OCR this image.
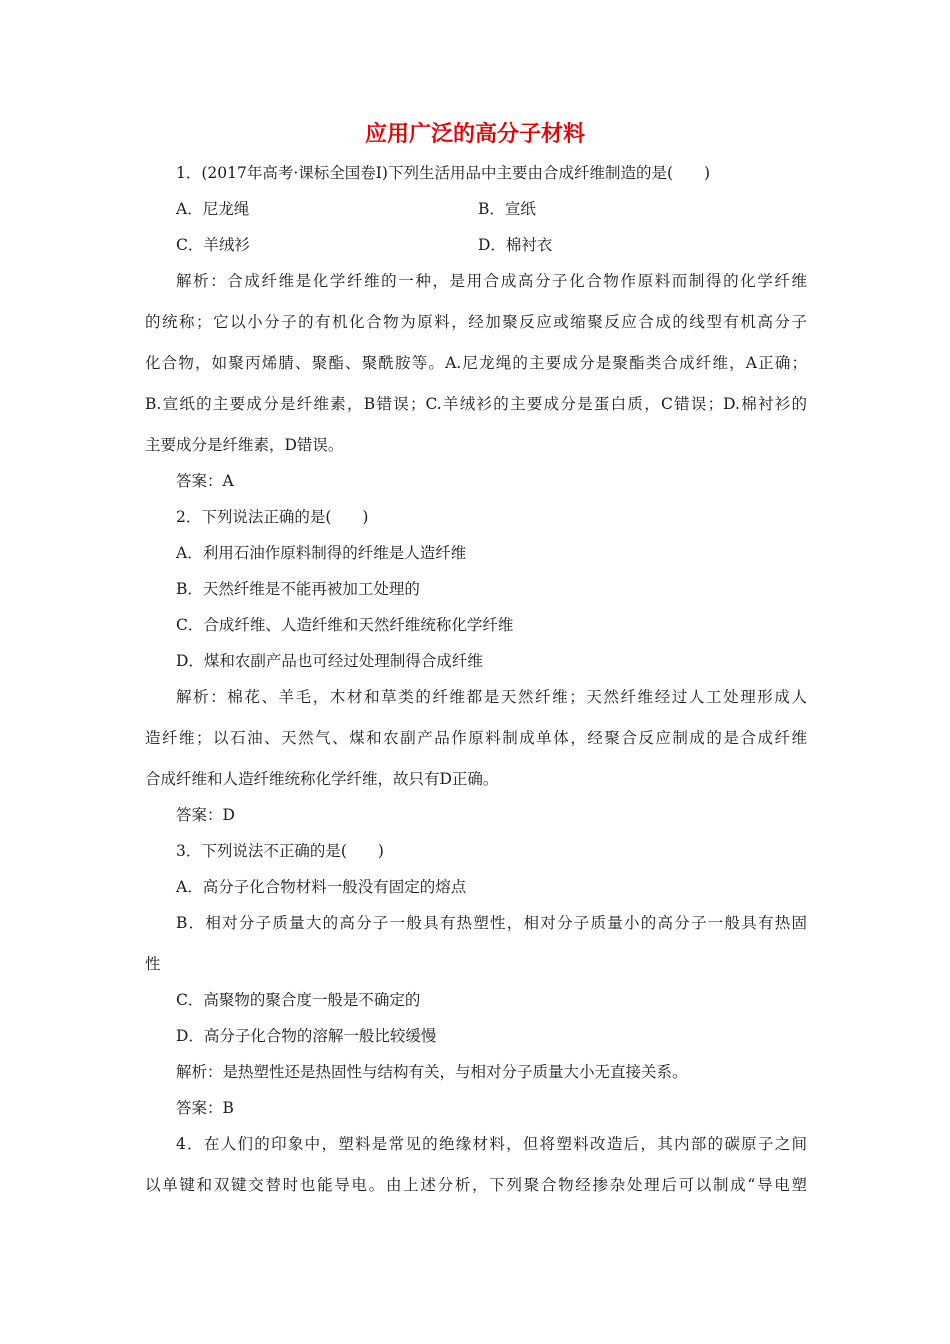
应用广泛的高分子材料
1．(2017年高考·课标全国卷Ⅰ)下列生活用品中主要由合成纤维制造的是(　　)
A．尼龙绳	B．宣纸
C．羊绒衫	D．棉衬衣
解析：合成纤维是化学纤维的一种，是用合成高分子化合物作原料而制得的化学纤维
的统称；它以小分子的有机化合物为原料，经加聚反应或缩聚反应合成的线型有机高分子
化合物，如聚丙烯腈、聚酯、聚酰胺等。A.尼龙绳的主要成分是聚酯类合成纤维，A正确；
B.宣纸的主要成分是纤维素，B错误；C.羊绒衫的主要成分是蛋白质，C错误；D.棉衬衫的
主要成分是纤维素，D错误。
答案：A
2．下列说法正确的是(　　)
A．利用石油作原料制得的纤维是人造纤维
B．天然纤维是不能再被加工处理的
C．合成纤维、人造纤维和天然纤维统称化学纤维
D．煤和农副产品也可经过处理制得合成纤维
解析：棉花、羊毛，木材和草类的纤维都是天然纤维；天然纤维经过人工处理形成人
造纤维；以石油、天然气、煤和农副产品作原料制成单体，经聚合反应制成的是合成纤维
合成纤维和人造纤维统称化学纤维，故只有D正确。
答案：D
3．下列说法不正确的是(　　)
A．高分子化合物材料一般没有固定的熔点
B．相对分子质量大的高分子一般具有热塑性，相对分子质量小的高分子一般具有热固
性
C．高聚物的聚合度一般是不确定的
D．高分子化合物的溶解一般比较缓慢
解析：是热塑性还是热固性与结构有关，与相对分子质量大小无直接关系。
答案：B
4．在人们的印象中，塑料是常见的绝缘材料，但将塑料改造后，其内部的碳原子之间
以单键和双键交替时也能导电。由上述分析，下列聚合物经掺杂处理后可以制成“导电塑
